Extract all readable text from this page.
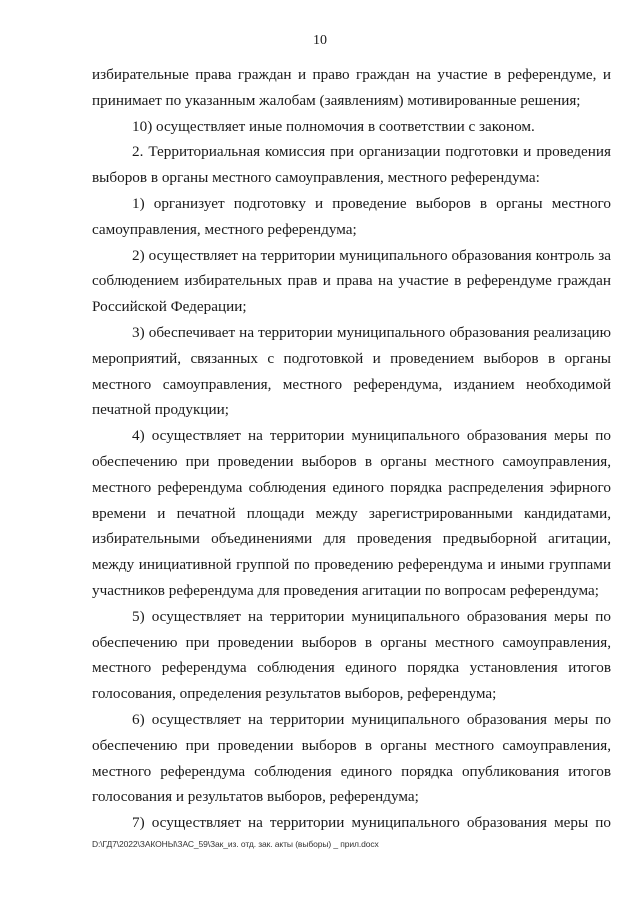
10

избирательные права граждан и право граждан на участие в референдуме, и принимает по указанным жалобам (заявлениям) мотивированные решения;

10) осуществляет иные полномочия в соответствии с законом.

2. Территориальная комиссия при организации подготовки и проведения выборов в органы местного самоуправления, местного референдума:

1) организует подготовку и проведение выборов в органы местного самоуправления, местного референдума;

2) осуществляет на территории муниципального образования контроль за соблюдением избирательных прав и права на участие в референдуме граждан Российской Федерации;

3) обеспечивает на территории муниципального образования реализацию мероприятий, связанных с подготовкой и проведением выборов в органы местного самоуправления, местного референдума, изданием необходимой печатной продукции;

4) осуществляет на территории муниципального образования меры по обеспечению при проведении выборов в органы местного самоуправления, местного референдума соблюдения единого порядка распределения эфирного времени и печатной площади между зарегистрированными кандидатами, избирательными объединениями для проведения предвыборной агитации, между инициативной группой по проведению референдума и иными группами участников референдума для проведения агитации по вопросам референдума;

5) осуществляет на территории муниципального образования меры по обеспечению при проведении выборов в органы местного самоуправления, местного референдума соблюдения единого порядка установления итогов голосования, определения результатов выборов, референдума;

6) осуществляет на территории муниципального образования меры по обеспечению при проведении выборов в органы местного самоуправления, местного референдума соблюдения единого порядка опубликования итогов голосования и результатов выборов, референдума;

7) осуществляет на территории муниципального образования меры по

D:\ГД7\2022\ЗАКОНЫ\ЗАС_59\Зак_из. отд. зак. акты (выборы) _ прил.docx
